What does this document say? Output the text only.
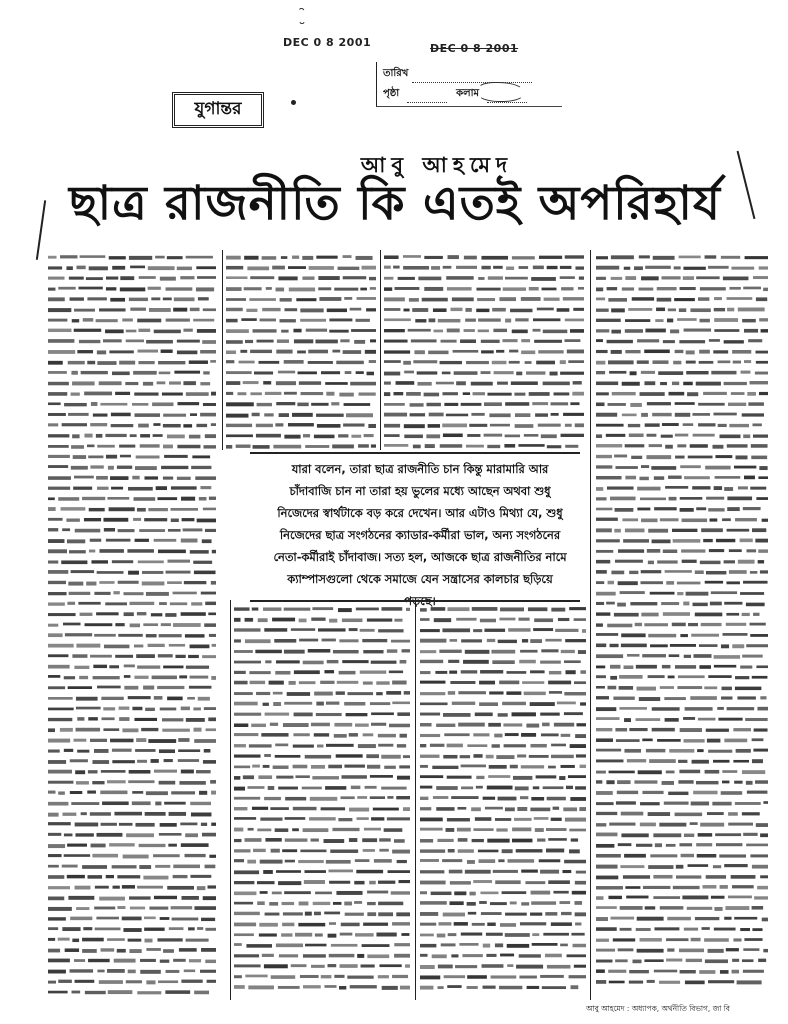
DEC 0 8 2001	DEC 0 8 2001
তারিখ
পৃষ্ঠা	কলাম
যুগান্তর
আবু আহমেদ
ছাত্র রাজনীতি কি এতই অপরিহার্য
যারা বলেন, তারা ছাত্র রাজনীতি চান কিন্তু মারামারি আর চাঁদাবাজি চান না তারা হয় ভুলের মধ্যে আছেন অথবা শুধু নিজেদের স্বার্থটাকে বড় করে দেখেন। আর এটাও মিথ্যা যে, শুধু নিজেদের ছাত্র সংগঠনের ক্যাডার-কর্মীরা ভাল, অন্য সংগঠনের নেতা-কর্মীরাই চাঁদাবাজ। সত্য হল, আজকে ছাত্র রাজনীতির নামে ক্যাম্পাসগুলো থেকে সমাজে যেন সন্ত্রাসের কালচার ছড়িয়ে
আবু আহমেদ : অধ্যাপক, অর্থনীতি বিভাগ, জা বি
